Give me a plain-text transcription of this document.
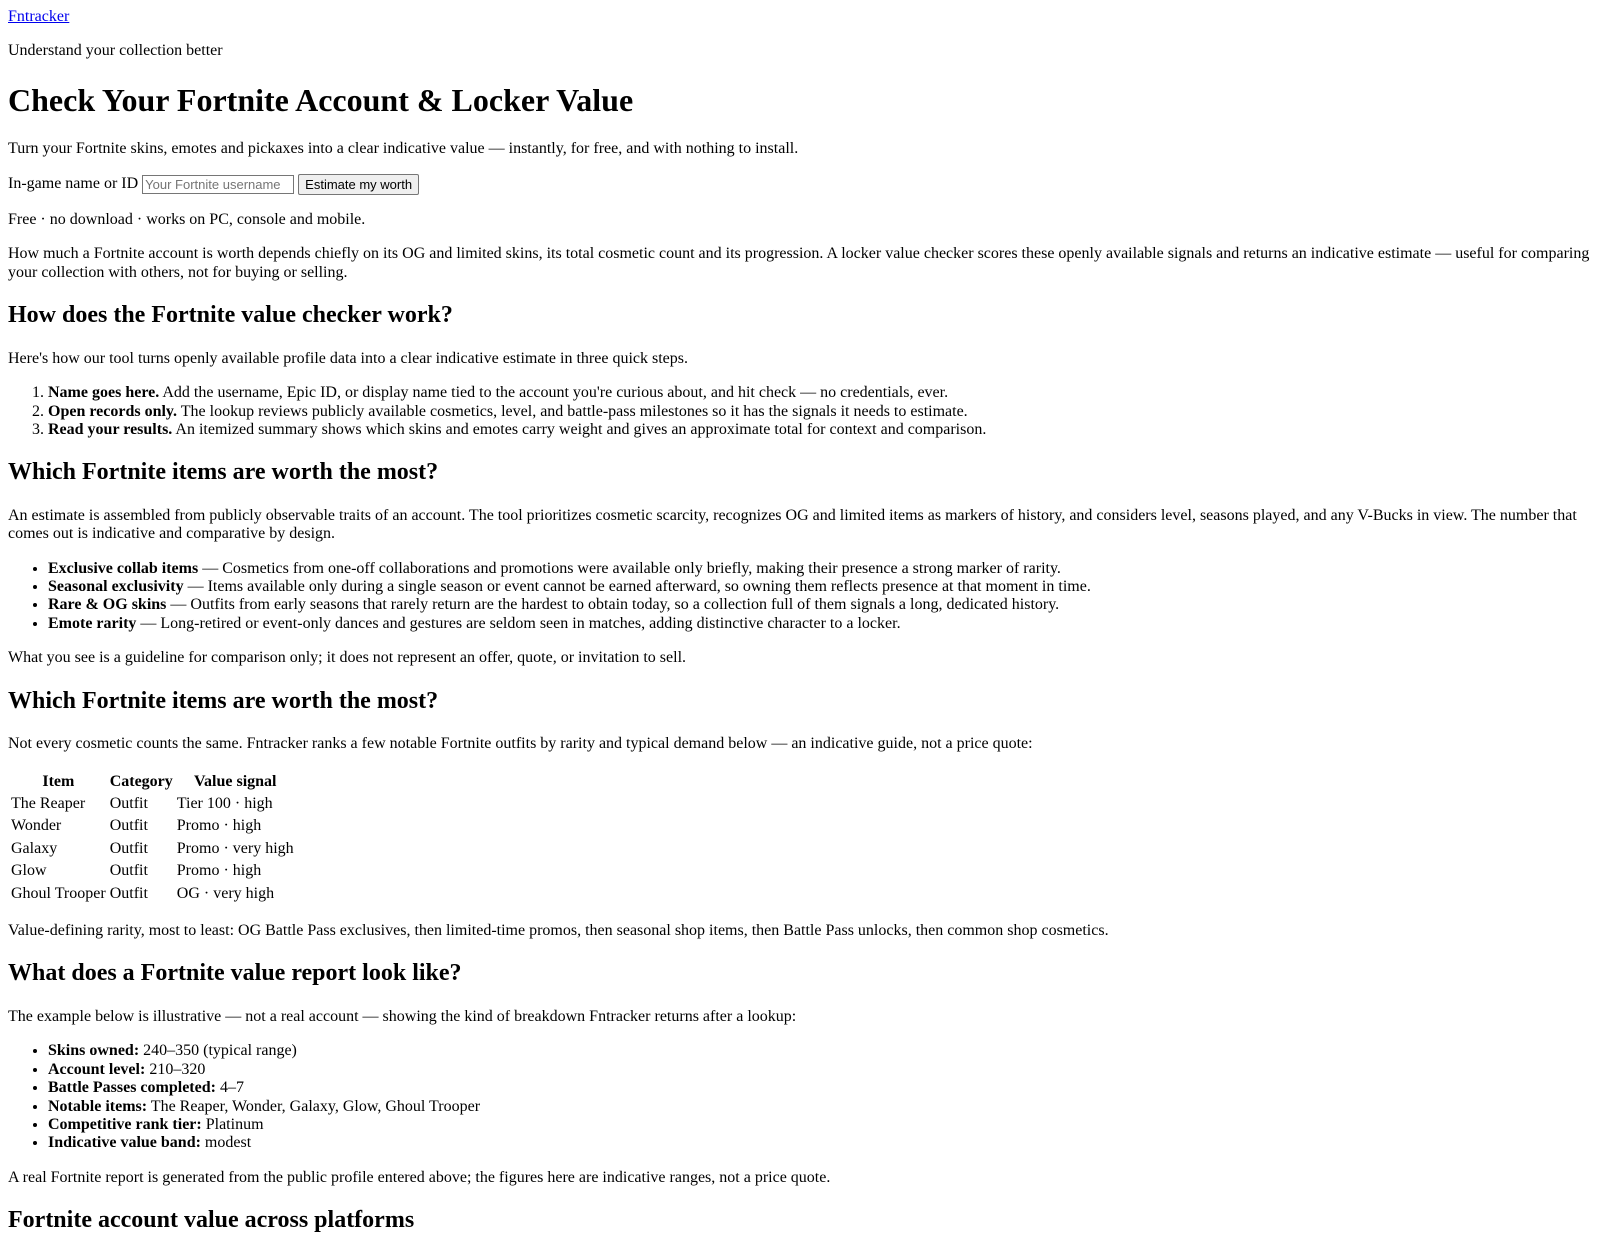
Fntracker

Understand your collection better

Check Your Fortnite Account & Locker Value

Turn your Fortnite skins, emotes and pickaxes into a clear indicative value — instantly, for free, and with nothing to install.

In-game name or ID
Your Fortnite username	Estimate my worth

Free · no download · works on PC, console and mobile.

How much a Fortnite account is worth depends chiefly on its OG and limited skins, its total cosmetic count and its progression. A locker value checker scores these openly available signals and returns an indicative estimate — useful for comparing your collection with others, not for buying or selling.

How does the Fortnite value checker work?

Here's how our tool turns openly available profile data into a clear indicative estimate in three quick steps.

1. Name goes here. Add the username, Epic ID, or display name tied to the account you're curious about, and hit check — no credentials, ever.
2. Open records only. The lookup reviews publicly available cosmetics, level, and battle-pass milestones so it has the signals it needs to estimate.
3. Read your results. An itemized summary shows which skins and emotes carry weight and gives an approximate total for context and comparison.
Which Fortnite items are worth the most?

An estimate is assembled from publicly observable traits of an account. The tool prioritizes cosmetic scarcity, recognizes OG and limited items as markers of history, and considers level, seasons played, and any V-Bucks in view. The number that comes out is indicative and comparative by design.

• Exclusive collab items — Cosmetics from one-off collaborations and promotions were available only briefly, making their presence a strong marker of rarity.
• Seasonal exclusivity — Items available only during a single season or event cannot be earned afterward, so owning them reflects presence at that moment in time.
• Rare & OG skins — Outfits from early seasons that rarely return are the hardest to obtain today, so a collection full of them signals a long, dedicated history.
• Emote rarity — Long-retired or event-only dances and gestures are seldom seen in matches, adding distinctive character to a locker.

What you see is a guideline for comparison only; it does not represent an offer, quote, or invitation to sell.

Which Fortnite items are worth the most?

Not every cosmetic counts the same. Fntracker ranks a few notable Fortnite outfits by rarity and typical demand below — an indicative guide, not a price quote:

Item	Category	Value signal
The Reaper	Outfit	Tier 100 · high
Wonder	Outfit	Promo · high
Galaxy	Outfit	Promo · very high
Glow	Outfit	Promo · high
Ghoul Trooper	Outfit	OG · very high

Value-defining rarity, most to least: OG Battle Pass exclusives, then limited-time promos, then seasonal shop items, then Battle Pass unlocks, then common shop cosmetics.

What does a Fortnite value report look like?

The example below is illustrative — not a real account — showing the kind of breakdown Fntracker returns after a lookup:

• Skins owned: 240–350 (typical range)
• Account level: 210–320
• Battle Passes completed: 4–7
• Notable items: The Reaper, Wonder, Galaxy, Glow, Ghoul Trooper
• Competitive rank tier: Platinum
• Indicative value band: modest

A real Fortnite report is generated from the public profile entered above; the figures here are indicative ranges, not a price quote.

Fortnite account value across platforms
